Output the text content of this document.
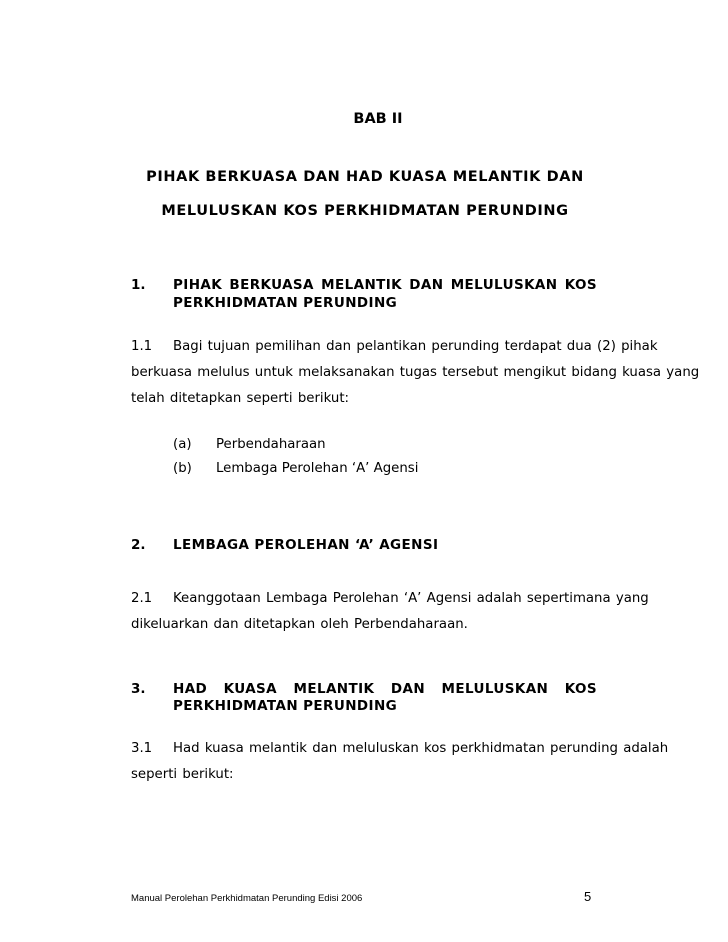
BAB II
PIHAK BERKUASA DAN HAD KUASA MELANTIK DAN
MELULUSKAN KOS PERKHIDMATAN PERUNDING
1. PIHAK BERKUASA MELANTIK DAN MELULUSKAN KOS
PERKHIDMATAN PERUNDING
1.1 Bagi tujuan pemilihan dan pelantikan perunding terdapat dua (2) pihak
berkuasa melulus untuk melaksanakan tugas tersebut mengikut bidang kuasa yang
telah ditetapkan seperti berikut:
(a) Perbendaharaan
(b) Lembaga Perolehan ‘A’ Agensi
2. LEMBAGA PEROLEHAN ‘A’ AGENSI
2.1 Keanggotaan Lembaga Perolehan ‘A’ Agensi adalah sepertimana yang
dikeluarkan dan ditetapkan oleh Perbendaharaan.
3. HAD KUASA MELANTIK DAN MELULUSKAN KOS
PERKHIDMATAN PERUNDING
3.1 Had kuasa melantik dan meluluskan kos perkhidmatan perunding adalah
seperti berikut:
Manual Perolehan Perkhidmatan Perunding Edisi 2006	5
